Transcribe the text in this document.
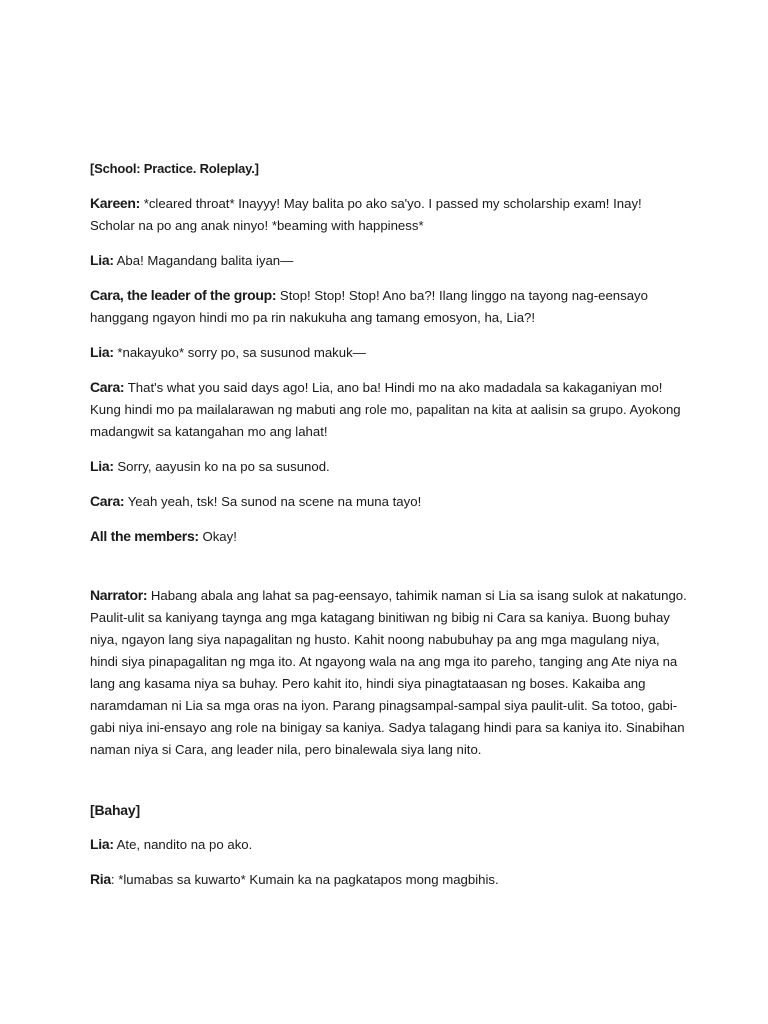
[School: Practice. Roleplay.]

Kareen: *cleared throat* Inayyy! May balita po ako sa'yo. I passed my scholarship exam! Inay! Scholar na po ang anak ninyo! *beaming with happiness*

Lia: Aba! Magandang balita iyan—

Cara, the leader of the group: Stop! Stop! Stop! Ano ba?! Ilang linggo na tayong nag-eensayo hanggang ngayon hindi mo pa rin nakukuha ang tamang emosyon, ha, Lia?!

Lia: *nakayuko* sorry po, sa susunod makuk—

Cara: That's what you said days ago! Lia, ano ba! Hindi mo na ako madadala sa kakaganiyan mo! Kung hindi mo pa mailalarawan ng mabuti ang role mo, papalitan na kita at aalisin sa grupo. Ayokong madangwit sa katangahan mo ang lahat!

Lia: Sorry, aayusin ko na po sa susunod.

Cara: Yeah yeah, tsk! Sa sunod na scene na muna tayo!

All the members: Okay!

Narrator: Habang abala ang lahat sa pag-eensayo, tahimik naman si Lia sa isang sulok at nakatungo. Paulit-ulit sa kaniyang taynga ang mga katagang binitiwan ng bibig ni Cara sa kaniya. Buong buhay niya, ngayon lang siya napagalitan ng husto. Kahit noong nabubuhay pa ang mga magulang niya, hindi siya pinapagalitan ng mga ito. At ngayong wala na ang mga ito pareho, tanging ang Ate niya na lang ang kasama niya sa buhay. Pero kahit ito, hindi siya pinagtataasan ng boses. Kakaiba ang naramdaman ni Lia sa mga oras na iyon. Parang pinagsampal-sampal siya paulit-ulit. Sa totoo, gabi-gabi niya ini-ensayo ang role na binigay sa kaniya. Sadya talagang hindi para sa kaniya ito. Sinabihan naman niya si Cara, ang leader nila, pero binalewala siya lang nito.

[Bahay]

Lia: Ate, nandito na po ako.

Ria: *lumabas sa kuwarto* Kumain ka na pagkatapos mong magbihis.
